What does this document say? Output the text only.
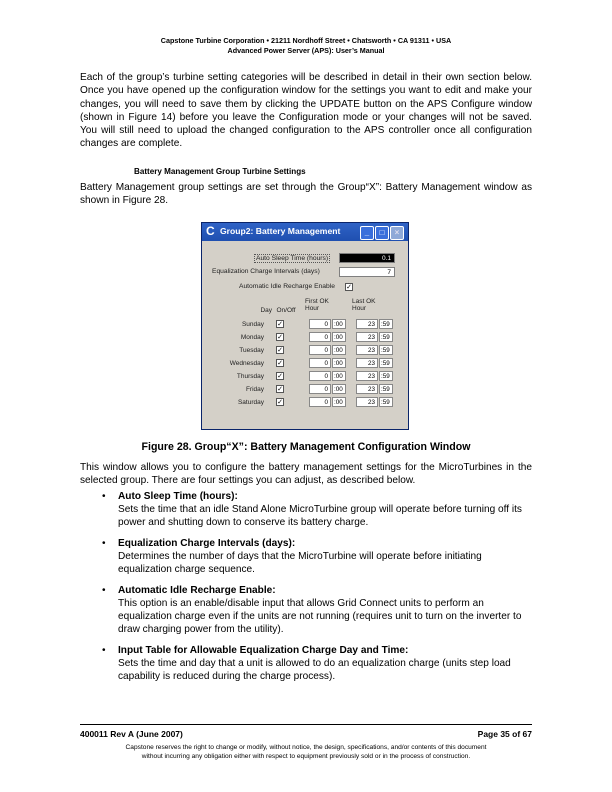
Capstone Turbine Corporation • 21211 Nordhoff Street • Chatsworth • CA 91311 • USA
Advanced Power Server (APS): User’s Manual

Each of the group’s turbine setting categories will be described in detail in their own section below. Once you have opened up the configuration window for the settings you want to edit and make your changes, you will need to save them by clicking the UPDATE button on the APS Configure window (shown in Figure 14) before you leave the Configuration mode or your changes will not be saved. You will still need to upload the changed configuration to the APS controller once all configuration changes are complete.

Battery Management Group Turbine Settings

Battery Management group settings are set through the Group“X”: Battery Management window as shown in Figure 28.

C Group2: Battery Management	_	□	×
Auto Sleep Time (hours)	0.1
Equalization Charge Intervals (days)	7
Automatic Idle Recharge Enable ✓
Day On/Off
First OK
Hour
Last OK
Hour
Sunday ✓	0 :00	23 :59
Monday ✓	0 :00	23 :59
Tuesday ✓	0 :00	23 :59
Wednesday ✓	0 :00	23 :59
Thursday ✓	0 :00	23 :59
Friday ✓	0 :00	23 :59
Saturday ✓	0 :00	23 :59
Figure 28. Group“X”: Battery Management Configuration Window

This window allows you to configure the battery management settings for the MicroTurbines in the selected group. There are four settings you can adjust, as described below.

• Auto Sleep Time (hours):
Sets the time that an idle Stand Alone MicroTurbine group will operate before turning off its power and shutting down to conserve its battery charge.
• Equalization Charge Intervals (days):
Determines the number of days that the MicroTurbine will operate before initiating equalization charge sequence.
• Automatic Idle Recharge Enable:
This option is an enable/disable input that allows Grid Connect units to perform an equalization charge even if the units are not running (requires unit to turn on the inverter to draw charging power from the utility).
• Input Table for Allowable Equalization Charge Day and Time:
Sets the time and day that a unit is allowed to do an equalization charge (units step load capability is reduced during the charge process).
400011 Rev A (June 2007)	Page 35 of 67
Capstone reserves the right to change or modify, without notice, the design, specifications, and/or contents of this document
without incurring any obligation either with respect to equipment previously sold or in the process of construction.
